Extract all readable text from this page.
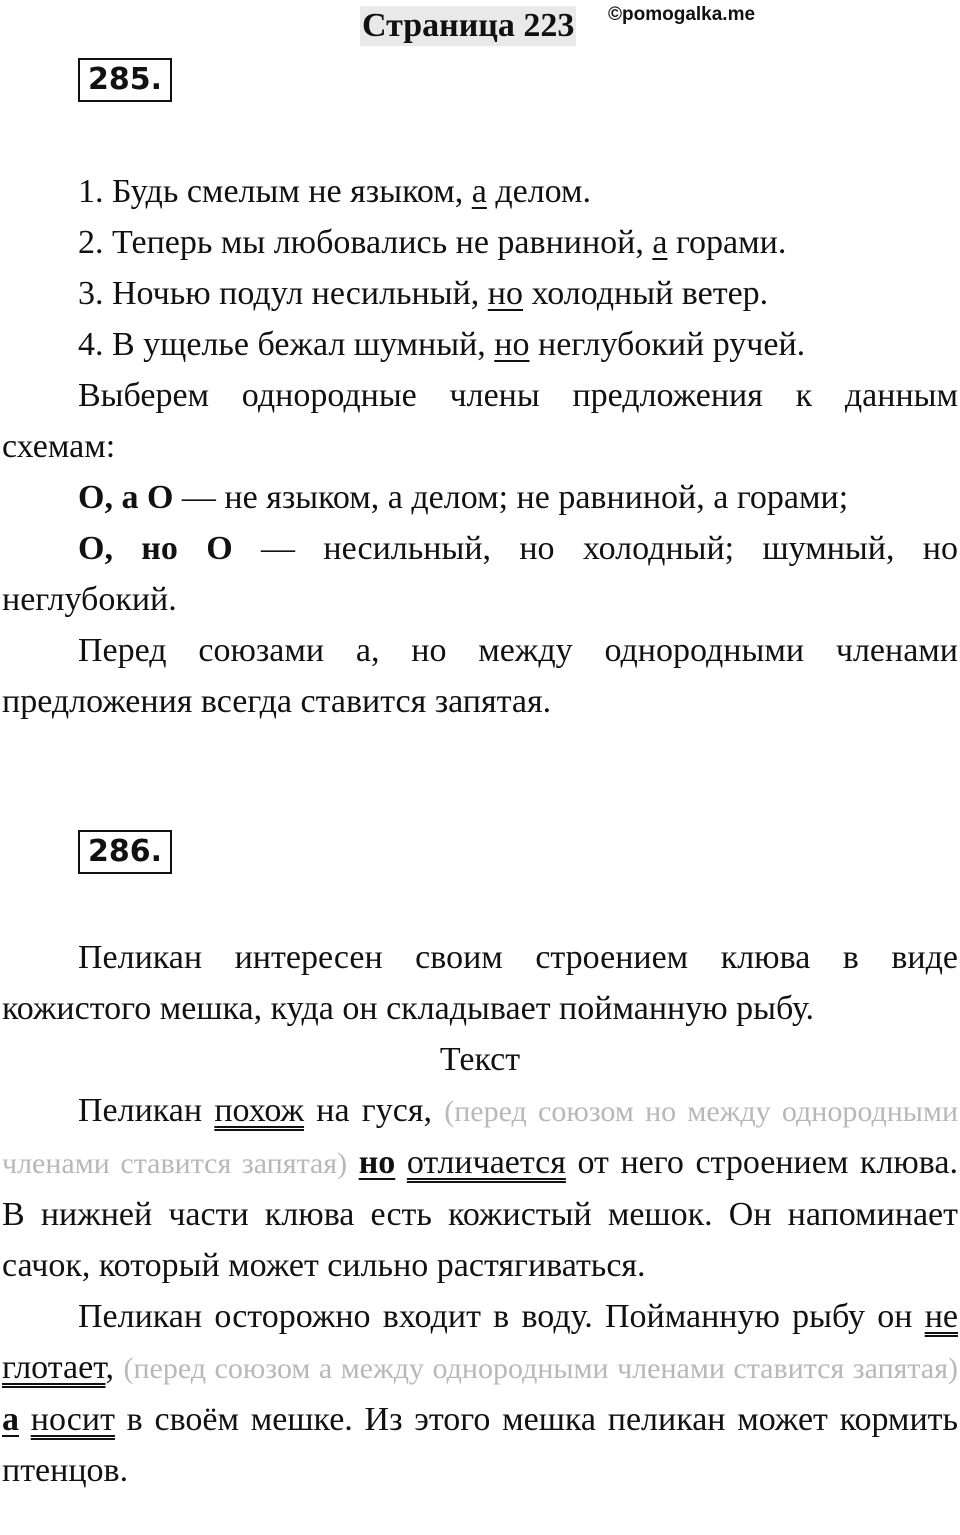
Страница 223 ©pomogalka.me
285.

1. Будь смелым не языком, а делом.

2. Теперь мы любовались не равниной, а горами.

3. Ночью подул несильный, но холодный ветер.

4. В ущелье бежал шумный, но неглубокий ручей.

Выберем однородные члены предложения к данным схемам:

О, а О — не языком, а делом; не равниной, а горами;

О, но О — несильный, но холодный; шумный, но неглубокий.

Перед союзами а, но между однородными членами предложения всегда ставится запятая.

286.

Пеликан интересен своим строением клюва в виде кожистого мешка, куда он складывает пойманную рыбу.

Текст

Пеликан похож на гуся, (перед союзом но между однородными членами ставится запятая) но отличается от него строением клюва. В нижней части клюва есть кожистый мешок. Он напоминает сачок, который может сильно растягиваться.

Пеликан осторожно входит в воду. Пойманную рыбу он не глотает, (перед союзом а между однородными членами ставится запятая) а носит в своём мешке. Из этого мешка пеликан может кормить птенцов.
